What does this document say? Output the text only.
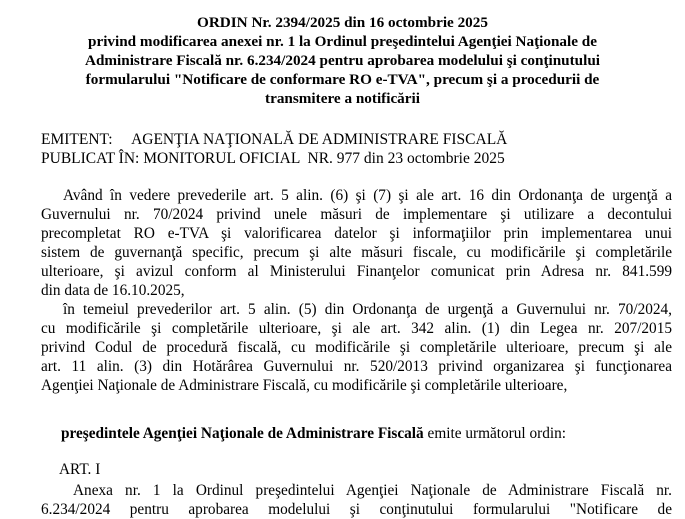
ORDIN Nr. 2394/2025 din 16 octombrie 2025
privind modificarea anexei nr. 1 la Ordinul preşedintelui Agenţiei Naţionale de
Administrare Fiscală nr. 6.234/2024 pentru aprobarea modelului şi conţinutului
formularului "Notificare de conformare RO e-TVA", precum şi a procedurii de
transmitere a notificării
EMITENT:     AGENŢIA NAŢIONALĂ DE ADMINISTRARE FISCALĂ
PUBLICAT ÎN: MONITORUL OFICIAL  NR. 977 din 23 octombrie 2025
Având în vedere prevederile art. 5 alin. (6) şi (7) şi ale art. 16 din Ordonanţa de urgenţă a
Guvernului nr. 70/2024 privind unele măsuri de implementare şi utilizare a decontului
precompletat RO e-TVA şi valorificarea datelor şi informaţiilor prin implementarea unui
sistem de guvernanţă specific, precum şi alte măsuri fiscale, cu modificările şi completările
ulterioare, şi avizul conform al Ministerului Finanţelor comunicat prin Adresa nr. 841.599
din data de 16.10.2025,
în temeiul prevederilor art. 5 alin. (5) din Ordonanţa de urgenţă a Guvernului nr. 70/2024,
cu modificările şi completările ulterioare, şi ale art. 342 alin. (1) din Legea nr. 207/2015
privind Codul de procedură fiscală, cu modificările şi completările ulterioare, precum şi ale
art. 11 alin. (3) din Hotărârea Guvernului nr. 520/2013 privind organizarea şi funcţionarea
Agenţiei Naţionale de Administrare Fiscală, cu modificările şi completările ulterioare,
preşedintele Agenţiei Naţionale de Administrare Fiscală emite următorul ordin:
ART. I
Anexa nr. 1 la Ordinul preşedintelui Agenţiei Naţionale de Administrare Fiscală nr.
6.234/2024 pentru aprobarea modelului şi conţinutului formularului "Notificare de
